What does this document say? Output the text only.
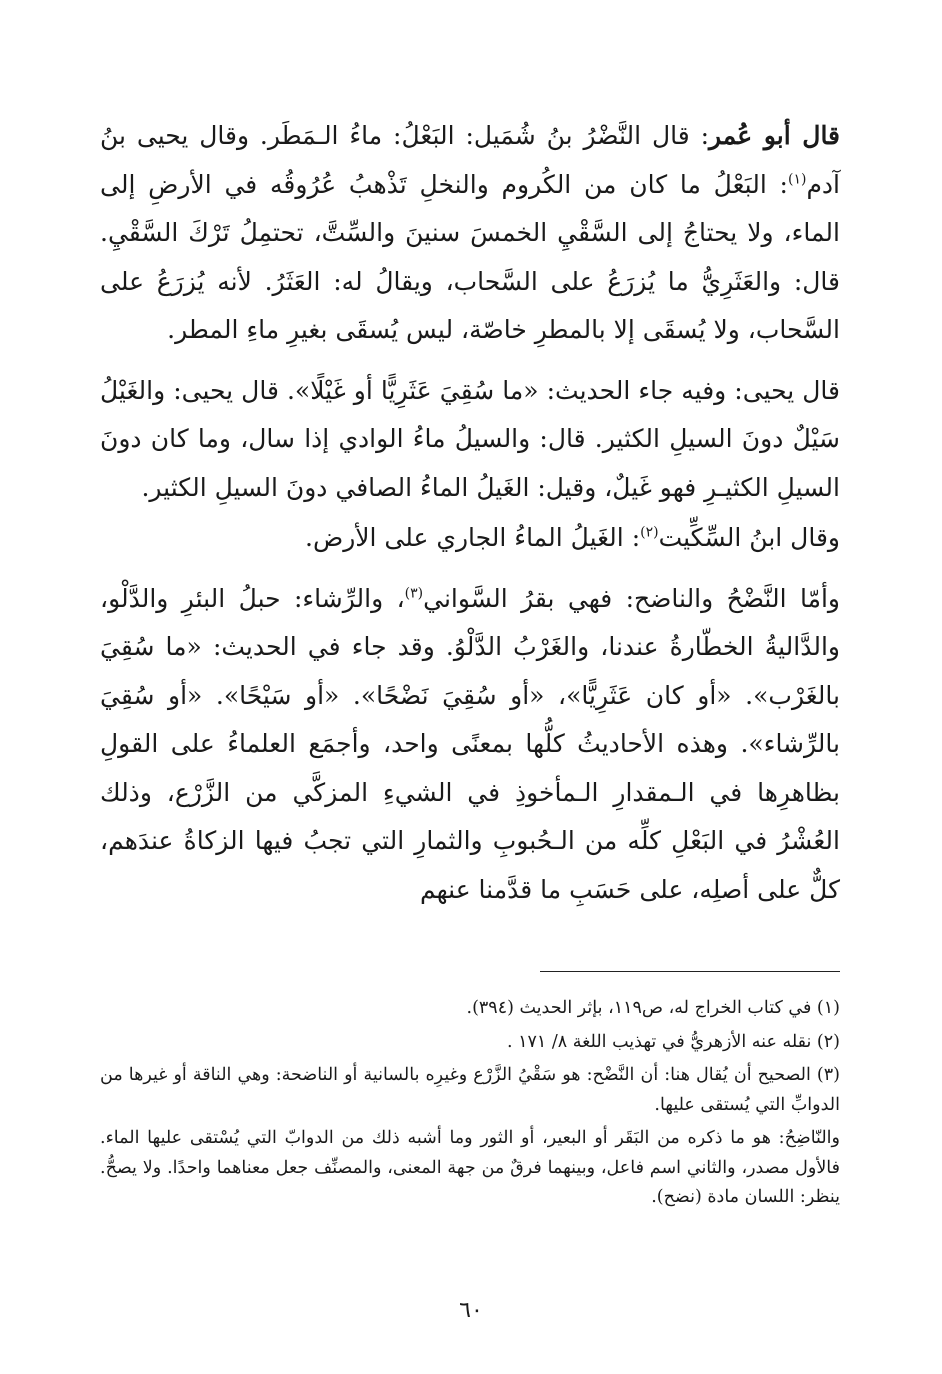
قال أبو عُمر: قال النَّضْرُ بنُ شُمَيل: البَعْلُ: ماءُ الـمَطَر. وقال يحيى بنُ آدم$^{(١)}$: البَعْلُ ما كان من الكُروم والنخلِ تَذْهبُ عُرُوقُه في الأرضِ إلى الماء، ولا يحتاجُ إلى السَّقْيِ الخمسَ سنينَ والسِّتَّ، تحتمِلُ تَرْكَ السَّقْيِ. قال: والعَثَرِيُّ ما يُزرَعُ على السَّحاب، ويقالُ له: العَثَرُ. لأنه يُزرَعُ على السَّحاب، ولا يُسقَى إلا بالمطرِ خاصّة، ليس يُسقَى بغيرِ ماءِ المطر.

قال يحيى: وفيه جاء الحديث: «ما سُقِيَ عَثَرِيًّا أو غَيْلًا». قال يحيى: والغَيْلُ سَيْلٌ دونَ السيلِ الكثير. قال: والسيلُ ماءُ الوادي إذا سال، وما كان دونَ السيلِ الكثيـرِ فهو غَيلٌ، وقيل: الغَيلُ الماءُ الصافي دونَ السيلِ الكثير.

وقال ابنُ السِّكِّيت$^{(٢)}$: الغَيلُ الماءُ الجاري على الأرض.

وأمّا النَّضْحُ والناضح: فهي بقرُ السَّواني$^{(٣)}$، والرِّشاء: حبلُ البئرِ والدَّلْو، والدَّاليةُ الخطّارةُ عندنا، والغَرْبُ الدَّلْوُ. وقد جاء في الحديث: «ما سُقِيَ بالغَرْب». «أو كان عَثَرِيًّا»، «أو سُقِيَ نَضْحًا». «أو سَيْحًا». «أو سُقِيَ بالرِّشاء». وهذه الأحاديثُ كلُّها بمعنًى واحد، وأجمَع العلماءُ على القولِ بظاهرِها في الـمقدارِ الـمأخوذِ في الشيءِ المزكَّي من الزَّرْع، وذلك العُشْرُ في البَعْلِ كلِّه من الـحُبوبِ والثمارِ التي تجبُ فيها الزكاةُ عندَهم، كلٌّ على أصلِه، على حَسَبِ ما قدَّمنا عنهم

(١) في كتاب الخراج له، ص١١٩، بإثر الحديث (٣٩٤).

(٢) نقله عنه الأزهريُّ في تهذيب اللغة ٨/ ١٧١ .

(٣) الصحيح أن يُقال هنا: أن النَّضْح: هو سَقْيُ الزَّرْع وغيرِه بالسانية أو الناضحة: وهي الناقة أو غيرها من الدوابِّ التي يُستقى عليها.

والنّاضِحُ: هو ما ذكره من البَقَر أو البعير، أو الثور وما أشبه ذلك من الدوابّ التي يُسْتقى عليها الماء. فالأول مصدر، والثاني اسم فاعل، وبينهما فرقٌ من جهة المعنى، والمصنِّف جعل معناهما واحدًا. ولا يصحُّ. ينظر: اللسان مادة (نضح).

٦٠
